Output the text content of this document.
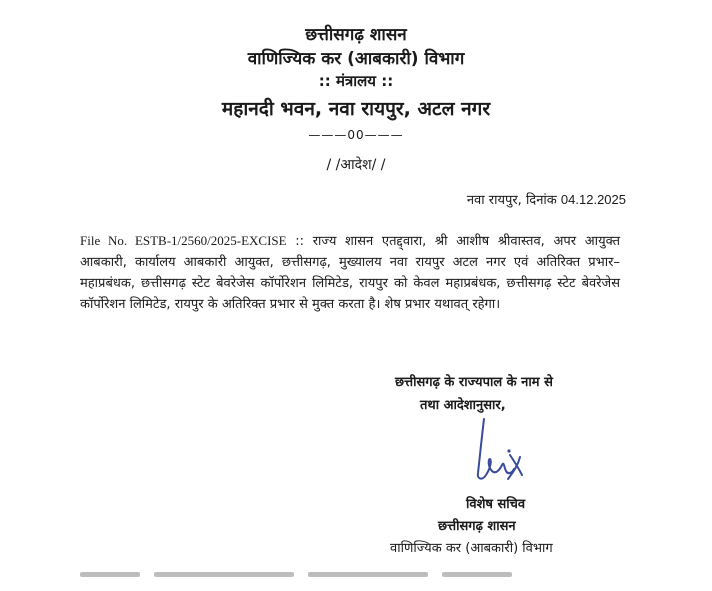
छत्तीसगढ़ शासन
वाणिज्यिक कर (आबकारी) विभाग
:: मंत्रालय ::
महानदी भवन, नवा रायपुर, अटल नगर
———00———
/ /आदेश/ /
नवा रायपुर, दिनांक 04.12.2025
File No. ESTB-1/2560/2025-EXCISE :: राज्य शासन एतद्द्वारा, श्री आशीष श्रीवास्तव, अपर आयुक्त आबकारी, कार्यालय आबकारी आयुक्त, छत्तीसगढ़, मुख्यालय नवा रायपुर अटल नगर एवं अतिरिक्त प्रभार–महाप्रबंधक, छत्तीसगढ़ स्टेट बेवरेजेस कॉर्पोरेशन लिमिटेड, रायपुर को केवल महाप्रबंधक, छत्तीसगढ़ स्टेट बेवरेजेस कॉर्पोरेशन लिमिटेड, रायपुर के अतिरिक्त प्रभार से मुक्त करता है। शेष प्रभार यथावत् रहेगा।
छत्तीसगढ़ के राज्यपाल के नाम से
तथा आदेशानुसार,
विशेष सचिव
छत्तीसगढ़ शासन
वाणिज्यिक कर (आबकारी) विभाग
